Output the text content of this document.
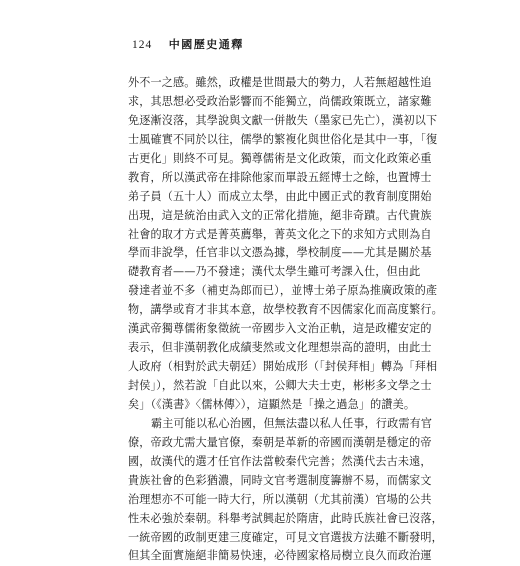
124 中國歷史通釋
外不一之感。雖然，政權是世間最大的勢力，人若無超越性追
求，其思想必受政治影響而不能獨立，尚儒政策既立，諸家難
免逐漸沒落，其學說與文獻一併散失（墨家已先亡），漢初以下
士風確實不同於以往，儒學的繁複化與世俗化是其中一事，「復
古更化」則終不可見。獨尊儒術是文化政策，而文化政策必重
教育，所以漢武帝在排除他家而單設五經博士之餘，也置博士
弟子員（五十人）而成立太學，由此中國正式的教育制度開始
出現，這是統治由武入文的正常化措施，絕非奇蹟。古代貴族
社會的取才方式是菁英薦舉，菁英文化之下的求知方式則為自
學而非說學，任官非以文憑為據，學校制度——尤其是關於基
礎教育者——乃不發達；漢代太學生雖可考課入仕，但由此
發達者並不多（補吏為郎而已），並博士弟子原為推廣政策的產
物，講學或育才非其本意，故學校教育不因儒家化而高度繁行。
漢武帝獨尊儒術象徵統一帝國步入文治正軌，這是政權安定的
表示，但非漢朝教化成績斐然或文化理想崇高的證明，由此士
人政府（相對於武夫朝廷）開始成形（「封侯拜相」轉為「拜相
封侯」），然若說「自此以來，公卿大夫士吏，彬彬多文學之士
矣」（《漢書》〈儒林傳〉），這顯然是「操之過急」的讚美。
霸主可能以私心治國，但無法盡以私人任事，行政需有官
僚，帝政尤需大量官僚，秦朝是革新的帝國而漢朝是穩定的帝
國，故漢代的選才任官作法當較秦代完善；然漢代去古未遠，
貴族社會的色彩猶濃，同時文官考選制度籌辦不易，而儒家文
治理想亦不可能一時大行，所以漢朝（尤其前漢）官場的公共
性未必強於秦朝。科舉考試興起於隋唐，此時氏族社會已沒落，
一統帝國的政制更建三度確定，可見文官選拔方法雖不斷發明，
但其全面實施絕非簡易快速，必待國家格局樹立良久而政治運
